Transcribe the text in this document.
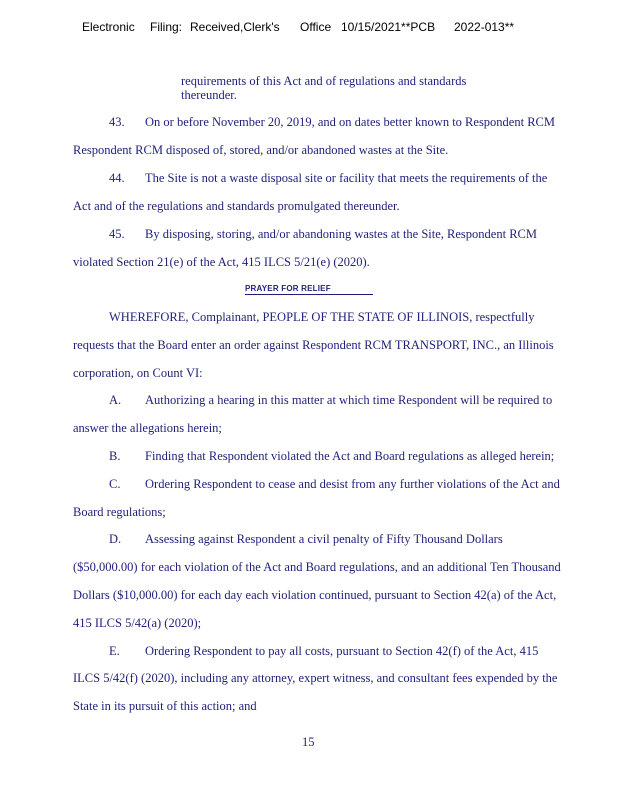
Electronic Filing: Received,Clerk's Office 10/15/2021**PCB 2022-013**
requirements of this Act and of regulations and standards
thereunder.
43. On or before November 20, 2019, and on dates better known to Respondent RCM
Respondent RCM disposed of, stored, and/or abandoned wastes at the Site.
44. The Site is not a waste disposal site or facility that meets the requirements of the
Act and of the regulations and standards promulgated thereunder.
45. By disposing, storing, and/or abandoning wastes at the Site, Respondent RCM
violated Section 21(e) of the Act, 415 ILCS 5/21(e) (2020).
PRAYER FOR RELIEF
WHEREFORE, Complainant, PEOPLE OF THE STATE OF ILLINOIS, respectfully
requests that the Board enter an order against Respondent RCM TRANSPORT, INC., an Illinois
corporation, on Count VI:
A. Authorizing a hearing in this matter at which time Respondent will be required to
answer the allegations herein;
B. Finding that Respondent violated the Act and Board regulations as alleged herein;
C. Ordering Respondent to cease and desist from any further violations of the Act and
Board regulations;
D. Assessing against Respondent a civil penalty of Fifty Thousand Dollars
($50,000.00) for each violation of the Act and Board regulations, and an additional Ten Thousand
Dollars ($10,000.00) for each day each violation continued, pursuant to Section 42(a) of the Act,
415 ILCS 5/42(a) (2020);
E. Ordering Respondent to pay all costs, pursuant to Section 42(f) of the Act, 415
ILCS 5/42(f) (2020), including any attorney, expert witness, and consultant fees expended by the
State in its pursuit of this action; and
15
